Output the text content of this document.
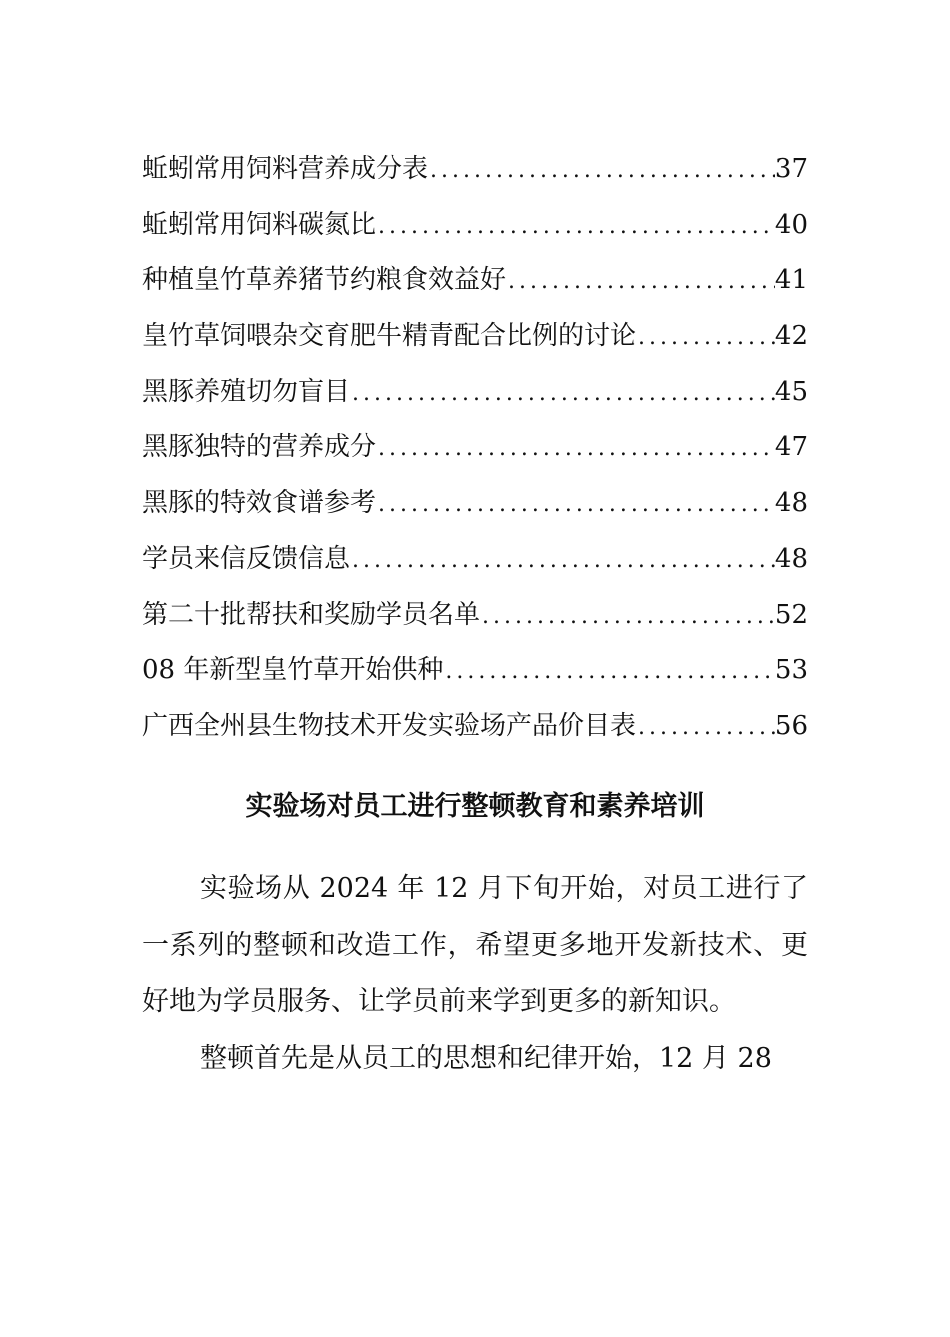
蚯蚓常用饲料营养成分表 .....	37
蚯蚓常用饲料碳氮比 .....	40
种植皇竹草养猪节约粮食效益好 .....	41
皇竹草饲喂杂交育肥牛精青配合比例的讨论 .....	42
黑豚养殖切勿盲目 .....	45
黑豚独特的营养成分 .....	47
黑豚的特效食谱参考 .....	48
学员来信反馈信息 .....	48
第二十批帮扶和奖励学员名单 .....	52
08 年新型皇竹草开始供种 .....	53
广西全州县生物技术开发实验场产品价目表 .....	56
实验场对员工进行整顿教育和素养培训

实验场从 2024 年 12 月下旬开始，对员工进行了一系列的整顿和改造工作，希望更多地开发新技术、更好地为学员服务、让学员前来学到更多的新知识。

整顿首先是从员工的思想和纪律开始，12 月 28
